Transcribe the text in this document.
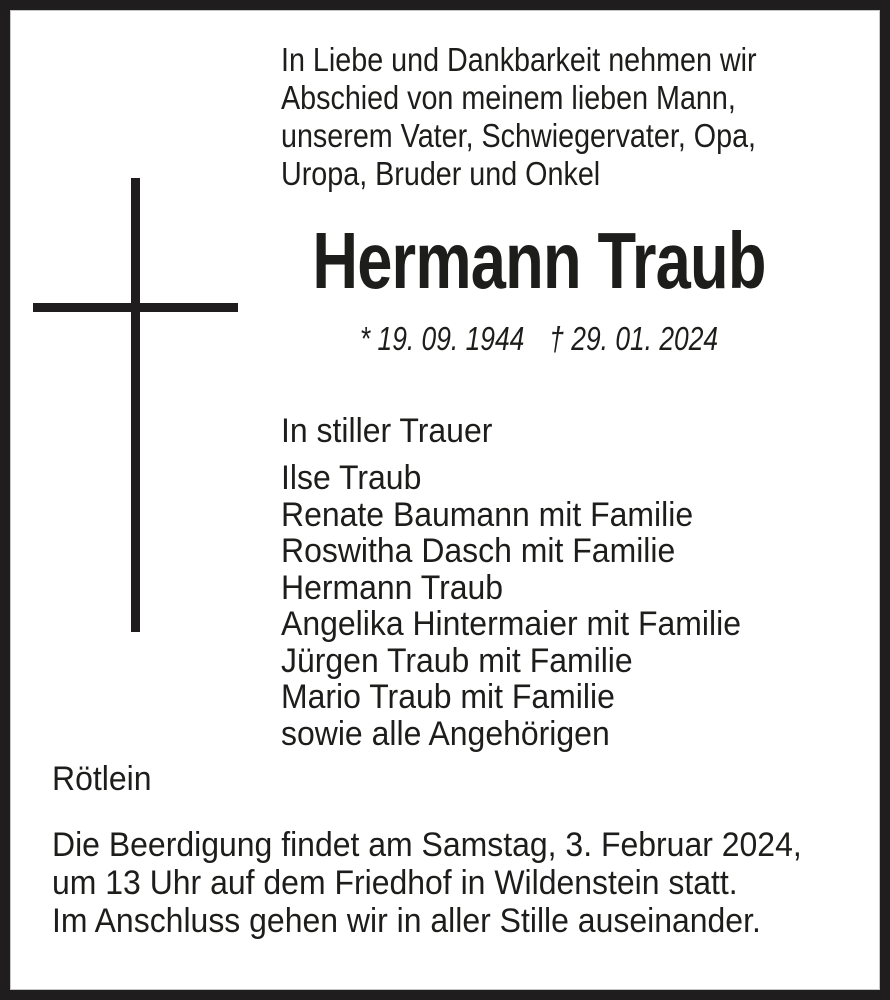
In Liebe und Dankbarkeit nehmen wir
Abschied von meinem lieben Mann,
unserem Vater, Schwiegervater, Opa,
Uropa, Bruder und Onkel
Hermann Traub
* 19. 09. 1944 † 29. 01. 2024
In stiller Trauer
Ilse Traub
Renate Baumann mit Familie
Roswitha Dasch mit Familie
Hermann Traub
Angelika Hintermaier mit Familie
Jürgen Traub mit Familie
Mario Traub mit Familie
sowie alle Angehörigen
Rötlein
Die Beerdigung findet am Samstag, 3. Februar 2024,
um 13 Uhr auf dem Friedhof in Wildenstein statt.
Im Anschluss gehen wir in aller Stille auseinander.
